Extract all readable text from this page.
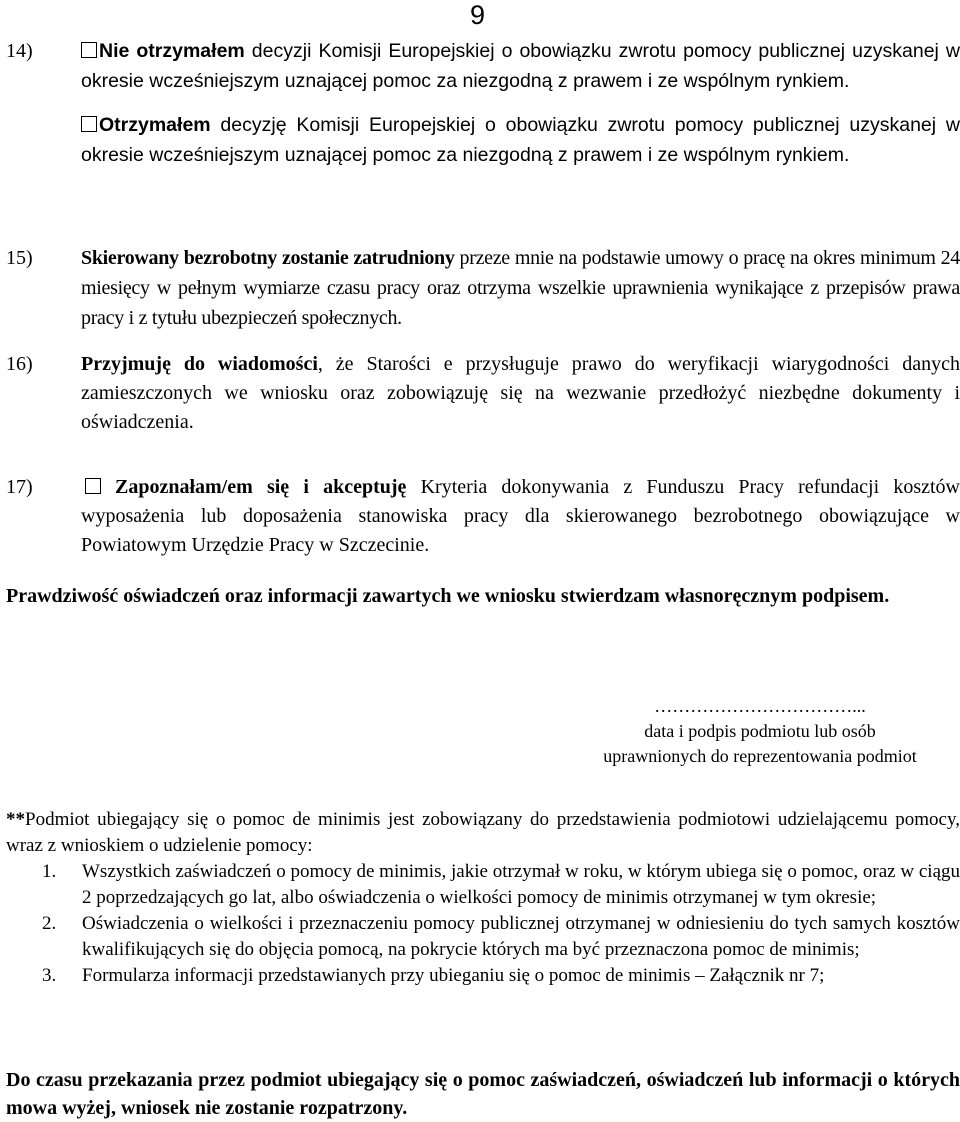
9
14)	Nie otrzymałem decyzji Komisji Europejskiej o obowiązku zwrotu pomocy publicznej uzyskanej w okresie wcześniejszym uznającej pomoc za niezgodną z prawem i ze wspólnym rynkiem.
Otrzymałem decyzję Komisji Europejskiej o obowiązku zwrotu pomocy publicznej uzyskanej w okresie wcześniejszym uznającej pomoc za niezgodną z prawem i ze wspólnym rynkiem.
15) Skierowany bezrobotny zostanie zatrudniony przeze mnie na podstawie umowy o pracę na okres minimum 24 miesięcy w pełnym wymiarze czasu pracy oraz otrzyma wszelkie uprawnienia wynikające z przepisów prawa pracy i z tytułu ubezpieczeń społecznych.
16) Przyjmuję do wiadomości, że Starości e przysługuje prawo do weryfikacji wiarygodności danych zamieszczonych we wniosku oraz zobowiązuję się na wezwanie przedłożyć niezbędne dokumenty i oświadczenia.
17)	Zapoznałam/em się i akceptuję Kryteria dokonywania z Funduszu Pracy refundacji kosztów wyposażenia lub doposażenia stanowiska pracy dla skierowanego bezrobotnego obowiązujące w Powiatowym Urzędzie Pracy w Szczecinie.
Prawdziwość oświadczeń oraz informacji zawartych we wniosku stwierdzam własnoręcznym podpisem.
……………………………...
data i podpis podmiotu lub osób
uprawnionych do reprezentowania podmiot
**Podmiot ubiegający się o pomoc de minimis jest zobowiązany do przedstawienia podmiotowi udzielającemu pomocy, wraz z wnioskiem o udzielenie pomocy:
1. Wszystkich zaświadczeń o pomocy de minimis, jakie otrzymał w roku, w którym ubiega się o pomoc, oraz w ciągu 2 poprzedzających go lat, albo oświadczenia o wielkości pomocy de minimis otrzymanej w tym okresie;
2. Oświadczenia o wielkości i przeznaczeniu pomocy publicznej otrzymanej w odniesieniu do tych samych kosztów kwalifikujących się do objęcia pomocą, na pokrycie których ma być przeznaczona pomoc de minimis;
3. Formularza informacji przedstawianych przy ubieganiu się o pomoc de minimis – Załącznik nr 7;
Do czasu przekazania przez podmiot ubiegający się o pomoc zaświadczeń, oświadczeń lub informacji o których mowa wyżej, wniosek nie zostanie rozpatrzony.
